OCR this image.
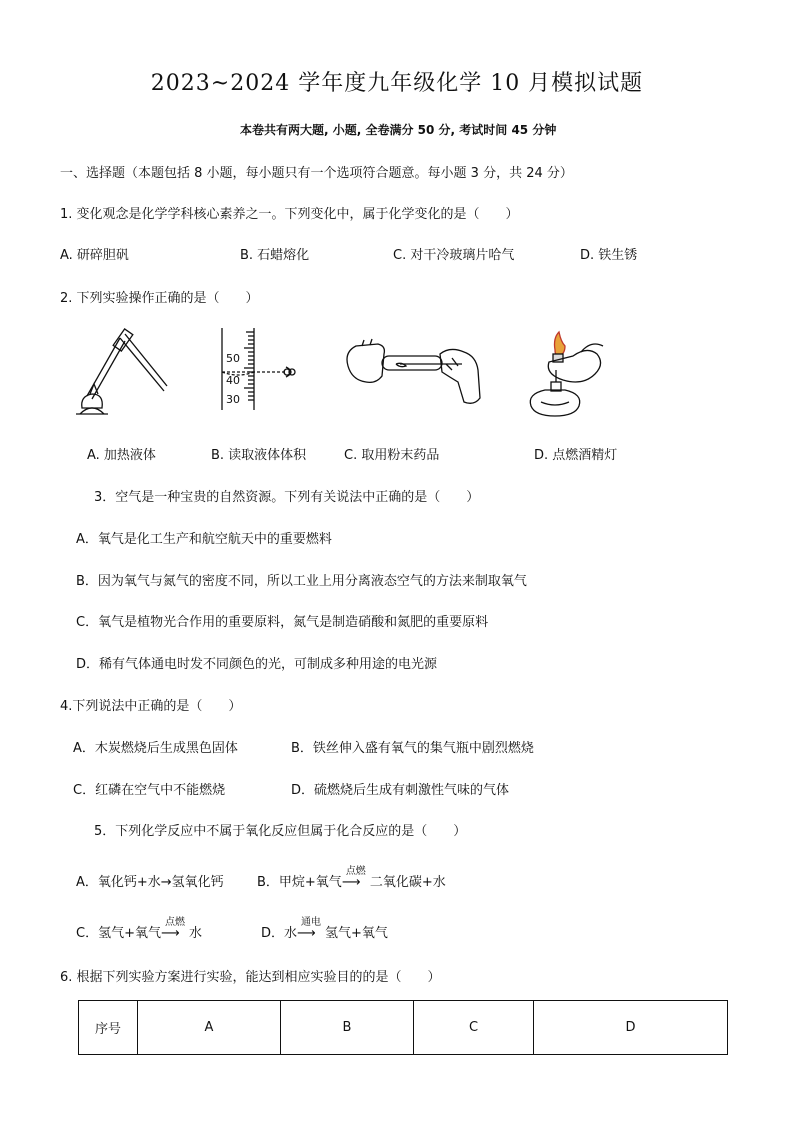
2023~2024 学年度九年级化学 10 月模拟试题
本卷共有两大题, 小题, 全卷满分 50 分, 考试时间 45 分钟
一、选择题（本题包括 8 小题，每小题只有一个选项符合题意。每小题 3 分，共 24 分）
1. 变化观念是化学学科核心素养之一。下列变化中，属于化学变化的是（　　）
A. 研碎胆矾	B. 石蜡熔化	C. 对干冷玻璃片哈气	D. 铁生锈
2. 下列实验操作正确的是（　　）
50
40
30
A. 加热液体	B. 读取液体体积	C. 取用粉末药品	D. 点燃酒精灯
3．空气是一种宝贵的自然资源。下列有关说法中正确的是（　　）
A．氧气是化工生产和航空航天中的重要燃料
B．因为氧气与氮气的密度不同，所以工业上用分离液态空气的方法来制取氧气
C．氧气是植物光合作用的重要原料，氮气是制造硝酸和氮肥的重要原料
D．稀有气体通电时发不同颜色的光，可制成多种用途的电光源
4.下列说法中正确的是（　　）
A．木炭燃烧后生成黑色固体	B．铁丝伸入盛有氧气的集气瓶中剧烈燃烧
C．红磷在空气中不能燃烧	D．硫燃烧后生成有刺激性气味的气体
5．下列化学反应中不属于氧化反应但属于化合反应的是（　　）
A．氧化钙+水→氢氧化钙	B．甲烷+氧气
点燃
⟶ 二氧化碳+水
C．氢气+氧气
点燃
⟶ 水	D．水
通电
⟶ 氢气+氧气
6. 根据下列实验方案进行实验，能达到相应实验目的的是（　　）
序号	A	B	C	D
